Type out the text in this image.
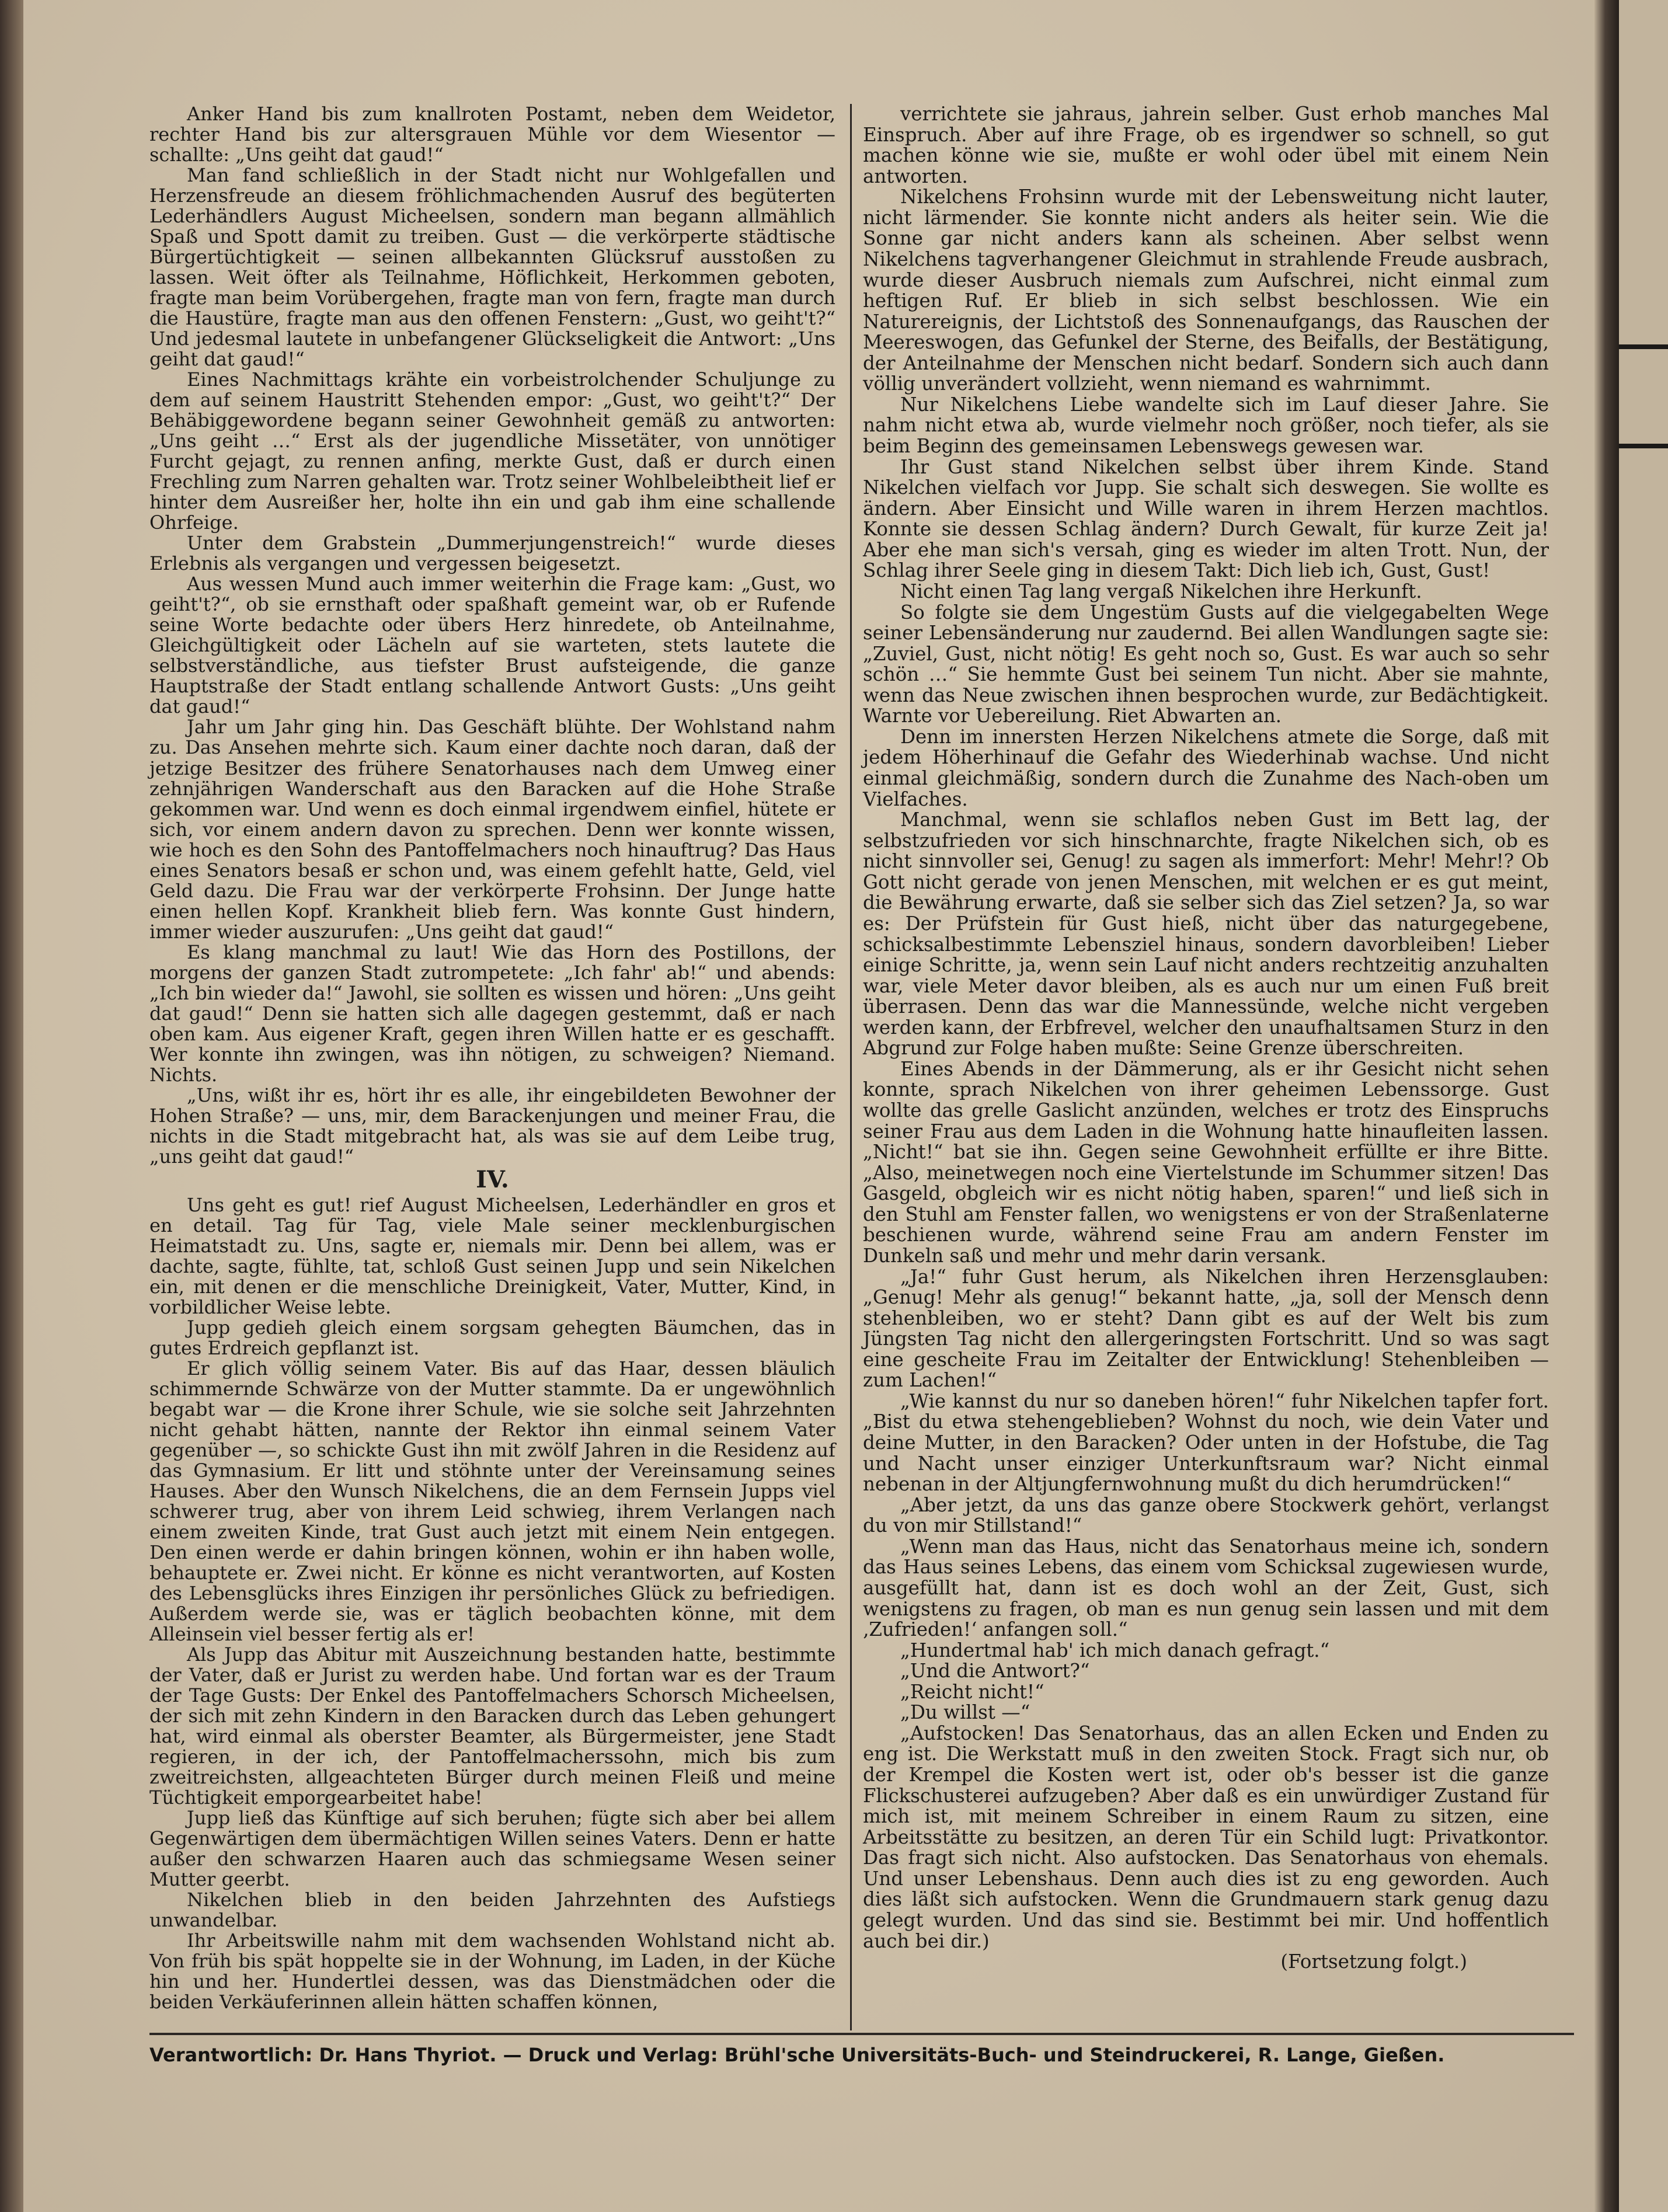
Anker Hand bis zum knallroten Postamt, neben dem Weidetor, rechter Hand bis zur altersgrauen Mühle vor dem Wiesentor — schallte: „Uns geiht dat gaud!“

Man fand schließlich in der Stadt nicht nur Wohlgefallen und Herzensfreude an diesem fröhlichmachenden Ausruf des begüterten Lederhändlers August Micheelsen, sondern man begann allmählich Spaß und Spott damit zu treiben. Gust — die verkörperte städtische Bürgertüchtigkeit — seinen allbekannten Glücksruf ausstoßen zu lassen. Weit öfter als Teilnahme, Höflichkeit, Herkommen geboten, fragte man beim Vorübergehen, fragte man von fern, fragte man durch die Haustüre, fragte man aus den offenen Fenstern: „Gust, wo geiht't?“ Und jedesmal lautete in unbefangener Glückseligkeit die Antwort: „Uns geiht dat gaud!“

Eines Nachmittags krähte ein vorbeistrolchender Schuljunge zu dem auf seinem Haustritt Stehenden empor: „Gust, wo geiht't?“ Der Behäbiggewordene begann seiner Gewohnheit gemäß zu antworten: „Uns geiht …“ Erst als der jugendliche Missetäter, von unnötiger Furcht gejagt, zu rennen anfing, merkte Gust, daß er durch einen Frechling zum Narren gehalten war. Trotz seiner Wohlbeleibtheit lief er hinter dem Ausreißer her, holte ihn ein und gab ihm eine schallende Ohrfeige.

Unter dem Grabstein „Dummerjungenstreich!“ wurde dieses Erlebnis als vergangen und vergessen beigesetzt.

Aus wessen Mund auch immer weiterhin die Frage kam: „Gust, wo geiht't?“, ob sie ernsthaft oder spaßhaft gemeint war, ob er Rufende seine Worte bedachte oder übers Herz hinredete, ob Anteilnahme, Gleichgültigkeit oder Lächeln auf sie warteten, stets lautete die selbstverständliche, aus tiefster Brust aufsteigende, die ganze Hauptstraße der Stadt entlang schallende Antwort Gusts: „Uns geiht dat gaud!“

Jahr um Jahr ging hin. Das Geschäft blühte. Der Wohlstand nahm zu. Das Ansehen mehrte sich. Kaum einer dachte noch daran, daß der jetzige Besitzer des frühere Senatorhauses nach dem Umweg einer zehnjährigen Wanderschaft aus den Baracken auf die Hohe Straße gekommen war. Und wenn es doch einmal irgendwem einfiel, hütete er sich, vor einem andern davon zu sprechen. Denn wer konnte wissen, wie hoch es den Sohn des Pantoffelmachers noch hinauftrug? Das Haus eines Senators besaß er schon und, was einem gefehlt hatte, Geld, viel Geld dazu. Die Frau war der verkörperte Frohsinn. Der Junge hatte einen hellen Kopf. Krankheit blieb fern. Was konnte Gust hindern, immer wieder auszurufen: „Uns geiht dat gaud!“

Es klang manchmal zu laut! Wie das Horn des Postillons, der morgens der ganzen Stadt zutrompetete: „Ich fahr' ab!“ und abends: „Ich bin wieder da!“ Jawohl, sie sollten es wissen und hören: „Uns geiht dat gaud!“ Denn sie hatten sich alle dagegen gestemmt, daß er nach oben kam. Aus eigener Kraft, gegen ihren Willen hatte er es geschafft. Wer konnte ihn zwingen, was ihn nötigen, zu schweigen? Niemand. Nichts.

„Uns, wißt ihr es, hört ihr es alle, ihr eingebildeten Bewohner der Hohen Straße? — uns, mir, dem Barackenjungen und meiner Frau, die nichts in die Stadt mitgebracht hat, als was sie auf dem Leibe trug, „uns geiht dat gaud!“

IV.

Uns geht es gut! rief August Micheelsen, Lederhändler en gros et en detail. Tag für Tag, viele Male seiner mecklenburgischen Heimatstadt zu. Uns, sagte er, niemals mir. Denn bei allem, was er dachte, sagte, fühlte, tat, schloß Gust seinen Jupp und sein Nikelchen ein, mit denen er die menschliche Dreinigkeit, Vater, Mutter, Kind, in vorbildlicher Weise lebte.

Jupp gedieh gleich einem sorgsam gehegten Bäumchen, das in gutes Erdreich gepflanzt ist.

Er glich völlig seinem Vater. Bis auf das Haar, dessen bläulich schimmernde Schwärze von der Mutter stammte. Da er ungewöhnlich begabt war — die Krone ihrer Schule, wie sie solche seit Jahrzehnten nicht gehabt hätten, nannte der Rektor ihn einmal seinem Vater gegenüber —, so schickte Gust ihn mit zwölf Jahren in die Residenz auf das Gymnasium. Er litt und stöhnte unter der Vereinsamung seines Hauses. Aber den Wunsch Nikelchens, die an dem Fernsein Jupps viel schwerer trug, aber von ihrem Leid schwieg, ihrem Verlangen nach einem zweiten Kinde, trat Gust auch jetzt mit einem Nein entgegen. Den einen werde er dahin bringen können, wohin er ihn haben wolle, behauptete er. Zwei nicht. Er könne es nicht verantworten, auf Kosten des Lebensglücks ihres Einzigen ihr persönliches Glück zu befriedigen. Außerdem werde sie, was er täglich beobachten könne, mit dem Alleinsein viel besser fertig als er!

Als Jupp das Abitur mit Auszeichnung bestanden hatte, bestimmte der Vater, daß er Jurist zu werden habe. Und fortan war es der Traum der Tage Gusts: Der Enkel des Pantoffelmachers Schorsch Micheelsen, der sich mit zehn Kindern in den Baracken durch das Leben gehungert hat, wird einmal als oberster Beamter, als Bürgermeister, jene Stadt regieren, in der ich, der Pantoffelmacherssohn, mich bis zum zweitreichsten, allgeachteten Bürger durch meinen Fleiß und meine Tüchtigkeit emporgearbeitet habe!

Jupp ließ das Künftige auf sich beruhen; fügte sich aber bei allem Gegenwärtigen dem übermächtigen Willen seines Vaters. Denn er hatte außer den schwarzen Haaren auch das schmiegsame Wesen seiner Mutter geerbt.

Nikelchen blieb in den beiden Jahrzehnten des Aufstiegs unwandelbar.

Ihr Arbeitswille nahm mit dem wachsenden Wohlstand nicht ab. Von früh bis spät hoppelte sie in der Wohnung, im Laden, in der Küche hin und her. Hundertlei dessen, was das Dienstmädchen oder die beiden Verkäuferinnen allein hätten schaffen können,

verrichtete sie jahraus, jahrein selber. Gust erhob manches Mal Einspruch. Aber auf ihre Frage, ob es irgendwer so schnell, so gut machen könne wie sie, mußte er wohl oder übel mit einem Nein antworten.

Nikelchens Frohsinn wurde mit der Lebensweitung nicht lauter, nicht lärmender. Sie konnte nicht anders als heiter sein. Wie die Sonne gar nicht anders kann als scheinen. Aber selbst wenn Nikelchens tagverhangener Gleichmut in strahlende Freude ausbrach, wurde dieser Ausbruch niemals zum Aufschrei, nicht einmal zum heftigen Ruf. Er blieb in sich selbst beschlossen. Wie ein Naturereignis, der Lichtstoß des Sonnenaufgangs, das Rauschen der Meereswogen, das Gefunkel der Sterne, des Beifalls, der Bestätigung, der Anteilnahme der Menschen nicht bedarf. Sondern sich auch dann völlig unverändert vollzieht, wenn niemand es wahrnimmt.

Nur Nikelchens Liebe wandelte sich im Lauf dieser Jahre. Sie nahm nicht etwa ab, wurde vielmehr noch größer, noch tiefer, als sie beim Beginn des gemeinsamen Lebenswegs gewesen war.

Ihr Gust stand Nikelchen selbst über ihrem Kinde. Stand Nikelchen vielfach vor Jupp. Sie schalt sich deswegen. Sie wollte es ändern. Aber Einsicht und Wille waren in ihrem Herzen machtlos. Konnte sie dessen Schlag ändern? Durch Gewalt, für kurze Zeit ja! Aber ehe man sich's versah, ging es wieder im alten Trott. Nun, der Schlag ihrer Seele ging in diesem Takt: Dich lieb ich, Gust, Gust!

Nicht einen Tag lang vergaß Nikelchen ihre Herkunft.

So folgte sie dem Ungestüm Gusts auf die vielgegabelten Wege seiner Lebensänderung nur zaudernd. Bei allen Wandlungen sagte sie: „Zuviel, Gust, nicht nötig! Es geht noch so, Gust. Es war auch so sehr schön …“ Sie hemmte Gust bei seinem Tun nicht. Aber sie mahnte, wenn das Neue zwischen ihnen besprochen wurde, zur Bedächtigkeit. Warnte vor Uebereilung. Riet Abwarten an.

Denn im innersten Herzen Nikelchens atmete die Sorge, daß mit jedem Höherhinauf die Gefahr des Wiederhinab wachse. Und nicht einmal gleichmäßig, sondern durch die Zunahme des Nach-oben um Vielfaches.

Manchmal, wenn sie schlaflos neben Gust im Bett lag, der selbstzufrieden vor sich hinschnarchte, fragte Nikelchen sich, ob es nicht sinnvoller sei, Genug! zu sagen als immerfort: Mehr! Mehr!? Ob Gott nicht gerade von jenen Menschen, mit welchen er es gut meint, die Bewährung erwarte, daß sie selber sich das Ziel setzen? Ja, so war es: Der Prüfstein für Gust hieß, nicht über das naturgegebene, schicksalbestimmte Lebensziel hinaus, sondern davorbleiben! Lieber einige Schritte, ja, wenn sein Lauf nicht anders rechtzeitig anzuhalten war, viele Meter davor bleiben, als es auch nur um einen Fuß breit überrasen. Denn das war die Mannessünde, welche nicht vergeben werden kann, der Erbfrevel, welcher den unaufhaltsamen Sturz in den Abgrund zur Folge haben mußte: Seine Grenze überschreiten.

Eines Abends in der Dämmerung, als er ihr Gesicht nicht sehen konnte, sprach Nikelchen von ihrer geheimen Lebenssorge. Gust wollte das grelle Gaslicht anzünden, welches er trotz des Einspruchs seiner Frau aus dem Laden in die Wohnung hatte hinaufleiten lassen. „Nicht!“ bat sie ihn. Gegen seine Gewohnheit erfüllte er ihre Bitte. „Also, meinetwegen noch eine Viertelstunde im Schummer sitzen! Das Gasgeld, obgleich wir es nicht nötig haben, sparen!“ und ließ sich in den Stuhl am Fenster fallen, wo wenigstens er von der Straßenlaterne beschienen wurde, während seine Frau am andern Fenster im Dunkeln saß und mehr und mehr darin versank.

„Ja!“ fuhr Gust herum, als Nikelchen ihren Herzensglauben: „Genug! Mehr als genug!“ bekannt hatte, „ja, soll der Mensch denn stehenbleiben, wo er steht? Dann gibt es auf der Welt bis zum Jüngsten Tag nicht den allergeringsten Fortschritt. Und so was sagt eine gescheite Frau im Zeitalter der Entwicklung! Stehenbleiben — zum Lachen!“

„Wie kannst du nur so daneben hören!“ fuhr Nikelchen tapfer fort. „Bist du etwa stehengeblieben? Wohnst du noch, wie dein Vater und deine Mutter, in den Baracken? Oder unten in der Hofstube, die Tag und Nacht unser einziger Unterkunftsraum war? Nicht einmal nebenan in der Altjungfernwohnung mußt du dich herumdrücken!“

„Aber jetzt, da uns das ganze obere Stockwerk gehört, verlangst du von mir Stillstand!“

„Wenn man das Haus, nicht das Senatorhaus meine ich, sondern das Haus seines Lebens, das einem vom Schicksal zugewiesen wurde, ausgefüllt hat, dann ist es doch wohl an der Zeit, Gust, sich wenigstens zu fragen, ob man es nun genug sein lassen und mit dem ‚Zufrieden!‘ anfangen soll.“

„Hundertmal hab' ich mich danach gefragt.“

„Und die Antwort?“

„Reicht nicht!“

„Du willst —“

„Aufstocken! Das Senatorhaus, das an allen Ecken und Enden zu eng ist. Die Werkstatt muß in den zweiten Stock. Fragt sich nur, ob der Krempel die Kosten wert ist, oder ob's besser ist die ganze Flickschusterei aufzugeben? Aber daß es ein unwürdiger Zustand für mich ist, mit meinem Schreiber in einem Raum zu sitzen, eine Arbeitsstätte zu besitzen, an deren Tür ein Schild lugt: Privatkontor. Das fragt sich nicht. Also aufstocken. Das Senatorhaus von ehemals. Und unser Lebenshaus. Denn auch dies ist zu eng geworden. Auch dies läßt sich aufstocken. Wenn die Grundmauern stark genug dazu gelegt wurden. Und das sind sie. Bestimmt bei mir. Und hoffentlich auch bei dir.)

(Fortsetzung folgt.)

Verantwortlich: Dr. Hans Thyriot. — Druck und Verlag: Brühl'sche Universitäts-Buch- und Steindruckerei, R. Lange, Gießen.
